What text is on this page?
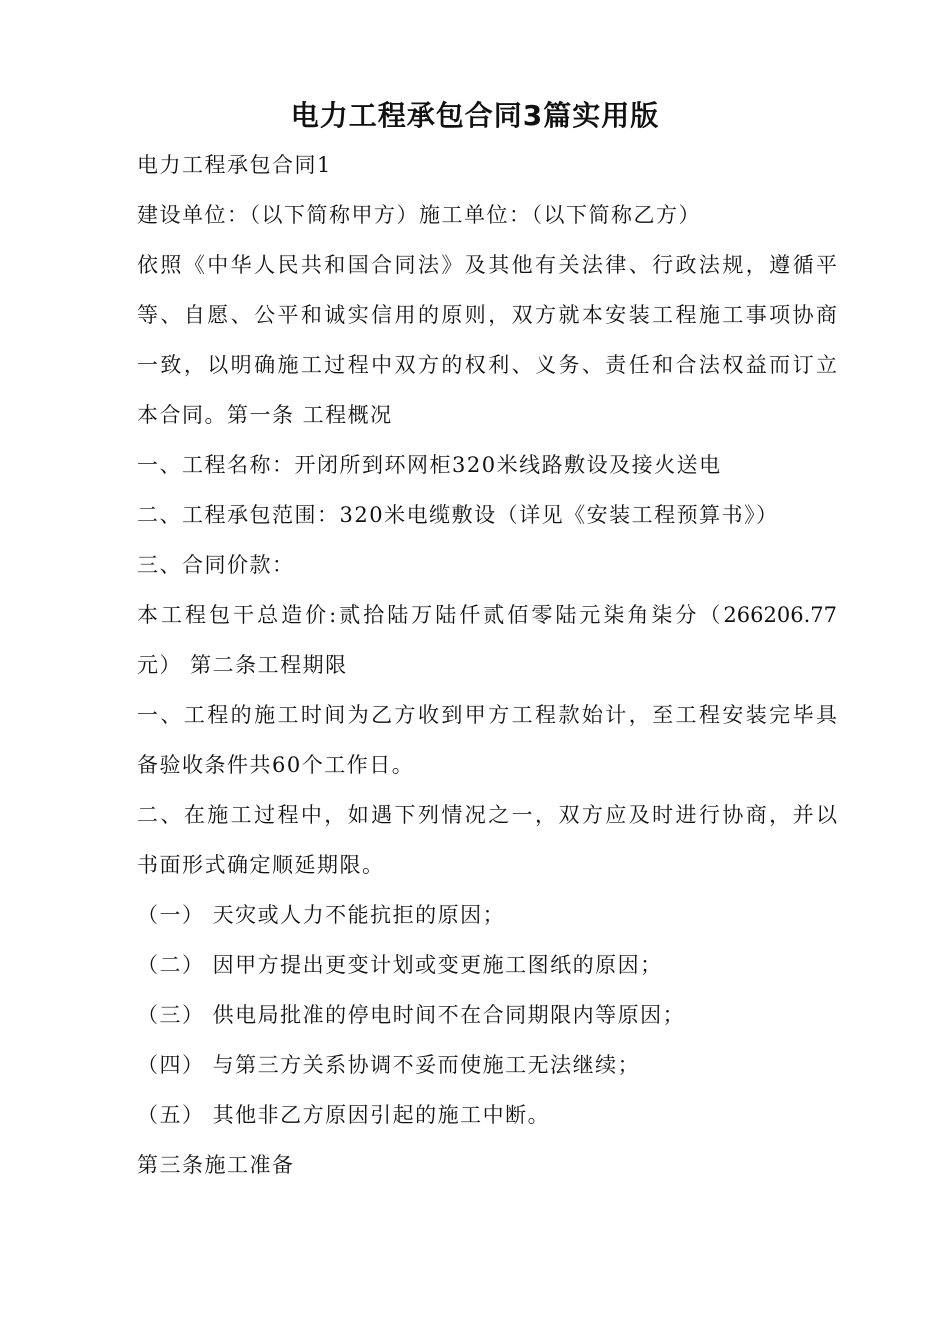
电力工程承包合同3篇实用版
电力工程承包合同1
建设单位：（以下简称甲方）施工单位：（以下简称乙方）
依照《中华人民共和国合同法》及其他有关法律、行政法规，遵循平
等、自愿、公平和诚实信用的原则，双方就本安装工程施工事项协商
一致，以明确施工过程中双方的权利、义务、责任和合法权益而订立
本合同。第一条 工程概况
一、工程名称：开闭所到环网柜320米线路敷设及接火送电
二、工程承包范围：320米电缆敷设（详见《安装工程预算书》）
三、合同价款：
本工程包干总造价:贰拾陆万陆仟贰佰零陆元柒角柒分（266206.77
元） 第二条工程期限
一、工程的施工时间为乙方收到甲方工程款始计，至工程安装完毕具
备验收条件共60个工作日。
二、在施工过程中，如遇下列情况之一，双方应及时进行协商，并以
书面形式确定顺延期限。
（一） 天灾或人力不能抗拒的原因；
（二） 因甲方提出更变计划或变更施工图纸的原因；
（三） 供电局批准的停电时间不在合同期限内等原因；
（四） 与第三方关系协调不妥而使施工无法继续；
（五） 其他非乙方原因引起的施工中断。
第三条施工准备
